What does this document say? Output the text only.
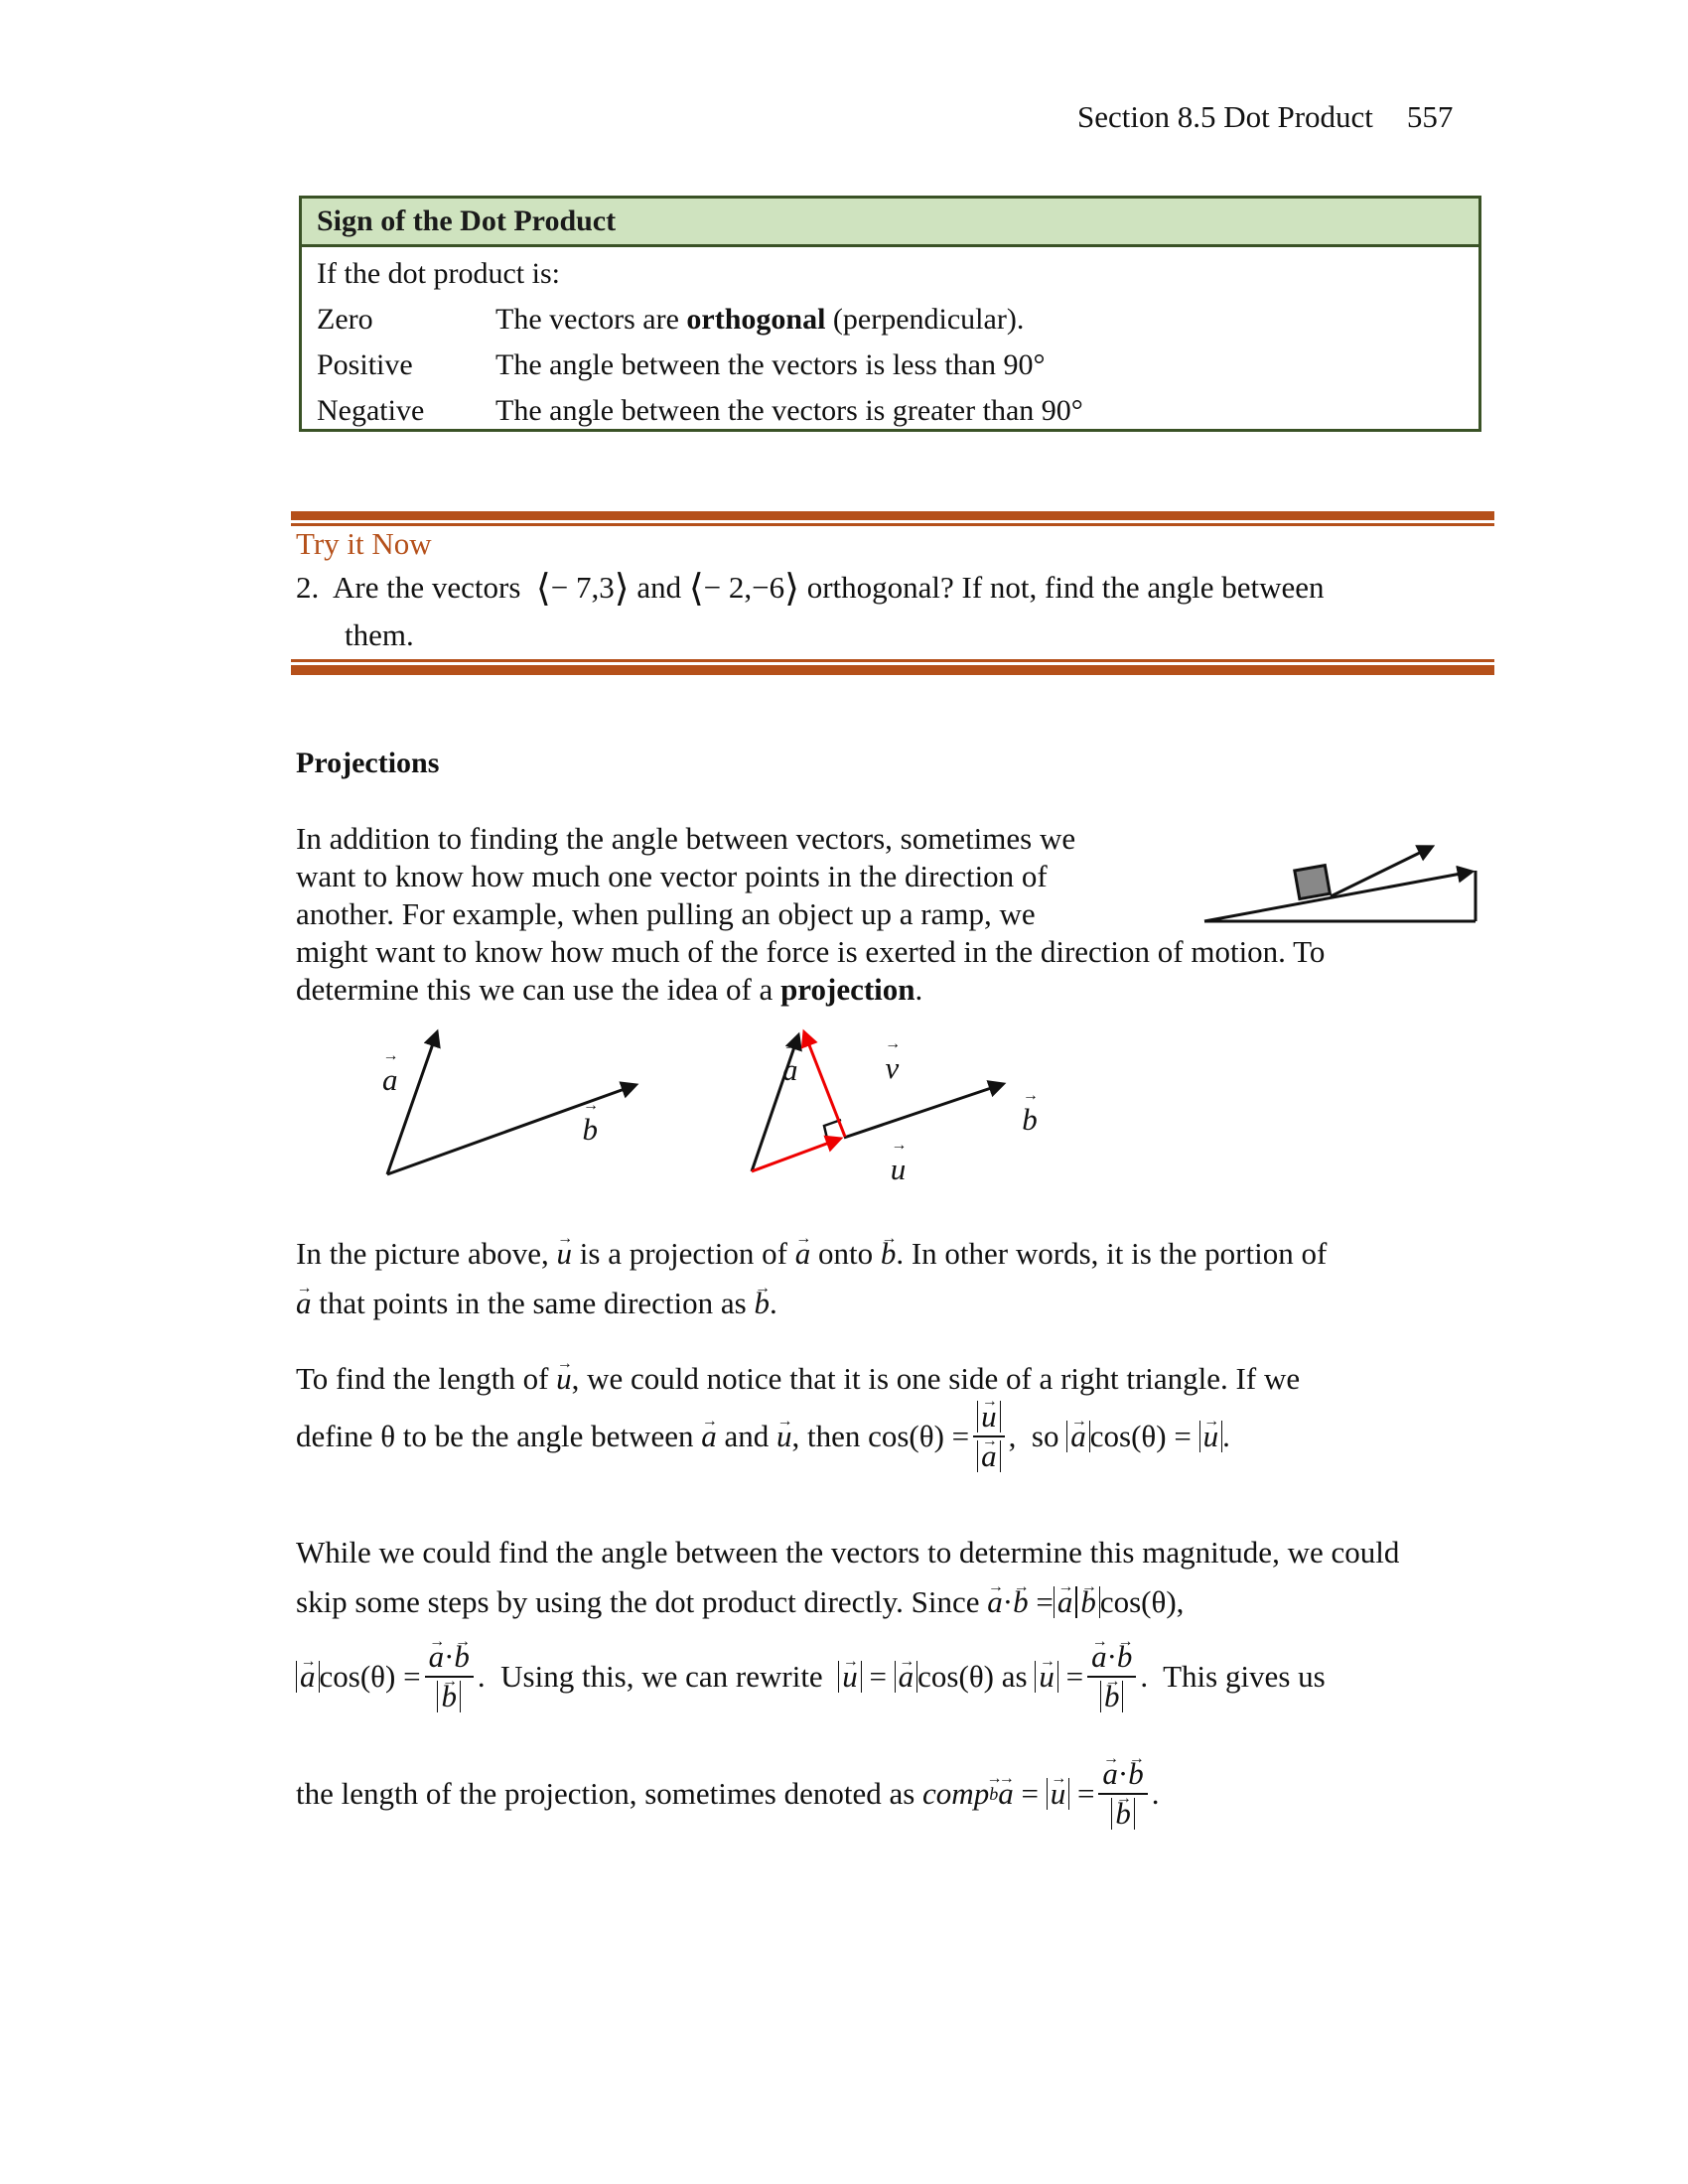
Section 8.5 Dot Product 557
Sign of the Dot Product
If the dot product is:
Zero	The vectors are orthogonal (perpendicular).
Positive	The angle between the vectors is less than 90°
Negative	The angle between the vectors is greater than 90°
Try it Now
2. Are the vectors ⟨− 7,3⟩ and ⟨− 2,−6⟩ orthogonal? If not, find the angle between
them.
Projections
In addition to finding the angle between vectors, sometimes we
want to know how much one vector points in the direction of
another. For example, when pulling an object up a ramp, we
might want to know how much of the force is exerted in the direction of motion. To
determine this we can use the idea of a projection.
→ a → b → a	→ v → b → u
In the picture above, → u is a projection of → a onto → b. In other words, it is the portion of
→ a that points in the same direction as → b.
To find the length of → u, we could notice that it is one side of a right triangle. If we
define θ to be the angle between
→ a and → u , then cos(θ) = → u
→ a ,  so → a cos(θ) =
→ u .
While we could find the angle between the vectors to determine this magnitude, we could
skip some steps by using the dot product directly. Since → a·→ b = → a → b cos(θ),
→ a cos(θ)
= → a·→ b
→ b .  Using this, we can rewrite
→ u
=
→ a cos(θ) as → u
= → a·→ b
→ b .  This gives us
the length of the projection, sometimes denoted as comp → b → a
=
→ u
= → a·→ b
→ b .
